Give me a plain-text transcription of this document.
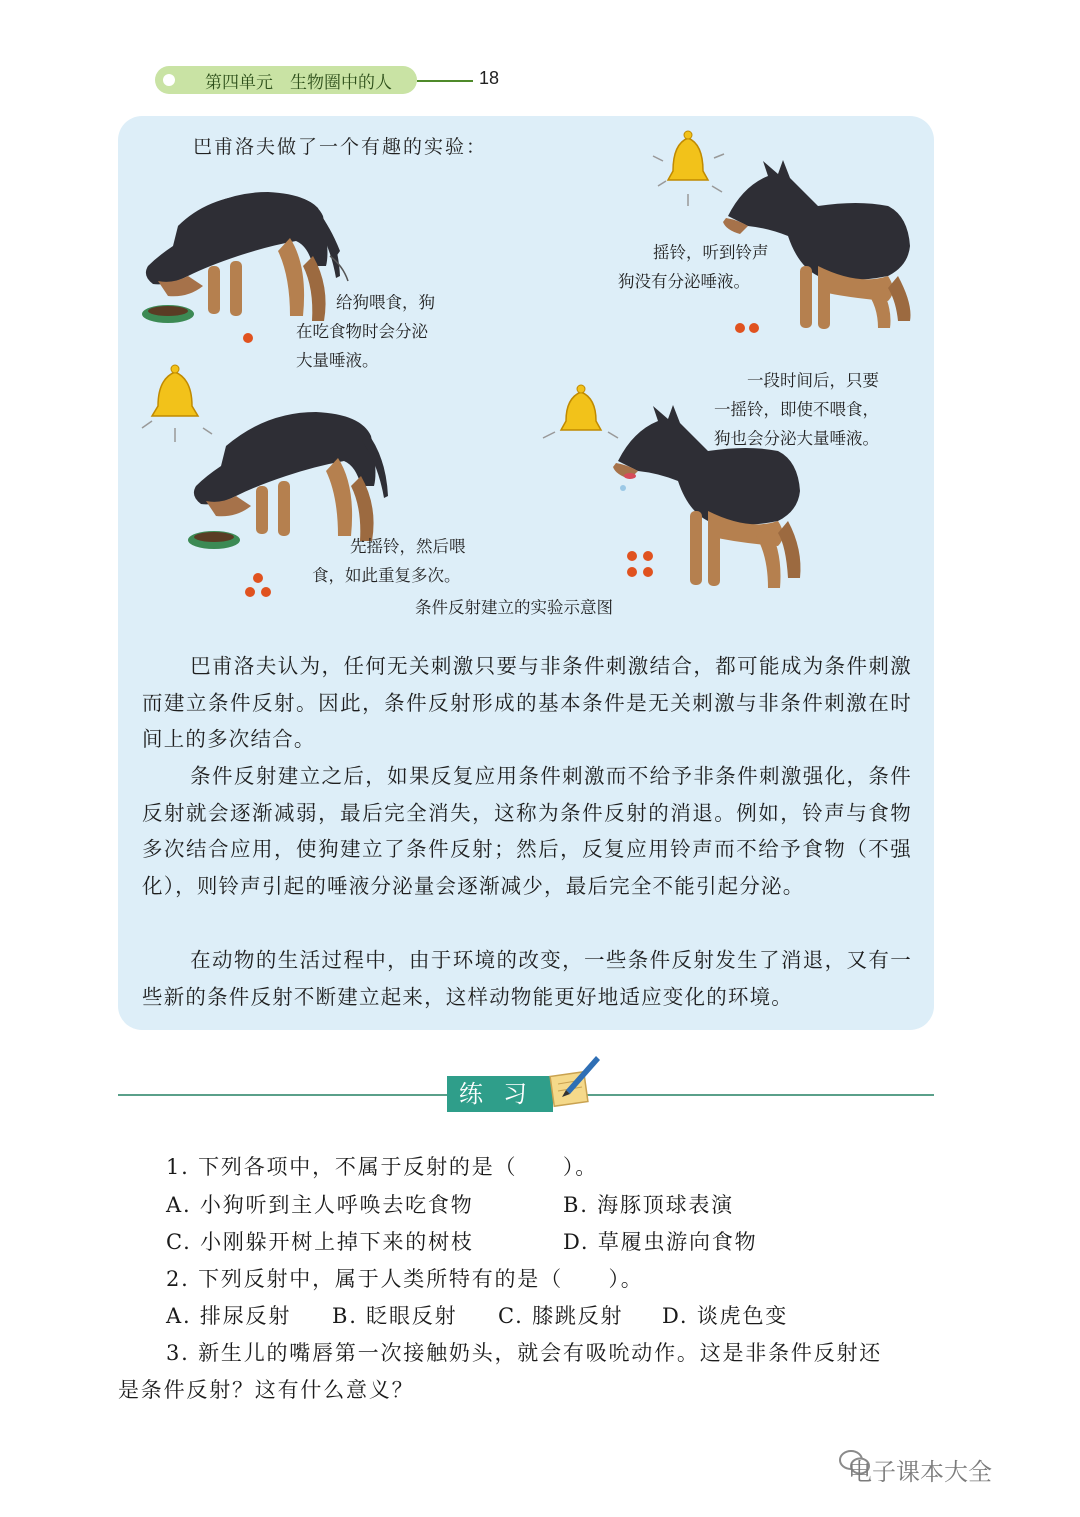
第四单元　生物圈中的人	18
巴甫洛夫做了一个有趣的实验：
给狗喂食，狗
在吃食物时会分泌
大量唾液。
摇铃，听到铃声
狗没有分泌唾液。
先摇铃，然后喂
食，如此重复多次。
一段时间后，只要
一摇铃，即使不喂食，
狗也会分泌大量唾液。
条件反射建立的实验示意图
巴甫洛夫认为，任何无关刺激只要与非条件刺激结合，都可能成为条件刺激而建立条件反射。因此，条件反射形成的基本条件是无关刺激与非条件刺激在时间上的多次结合。
条件反射建立之后，如果反复应用条件刺激而不给予非条件刺激强化，条件反射就会逐渐减弱，最后完全消失，这称为条件反射的消退。例如，铃声与食物多次结合应用，使狗建立了条件反射；然后，反复应用铃声而不给予食物（不强化），则铃声引起的唾液分泌量会逐渐减少，最后完全不能引起分泌。
在动物的生活过程中，由于环境的改变，一些条件反射发生了消退，又有一些新的条件反射不断建立起来，这样动物能更好地适应变化的环境。
练习
1. 下列各项中，不属于反射的是（　　）。
A. 小狗听到主人呼唤去吃食物	B. 海豚顶球表演
C. 小刚躲开树上掉下来的树枝	D. 草履虫游向食物
2. 下列反射中，属于人类所特有的是（　　）。
A. 排尿反射 B. 眨眼反射 C. 膝跳反射 D. 谈虎色变
3. 新生儿的嘴唇第一次接触奶头，就会有吸吮动作。这是非条件反射还
是条件反射？这有什么意义？
电子课本大全
